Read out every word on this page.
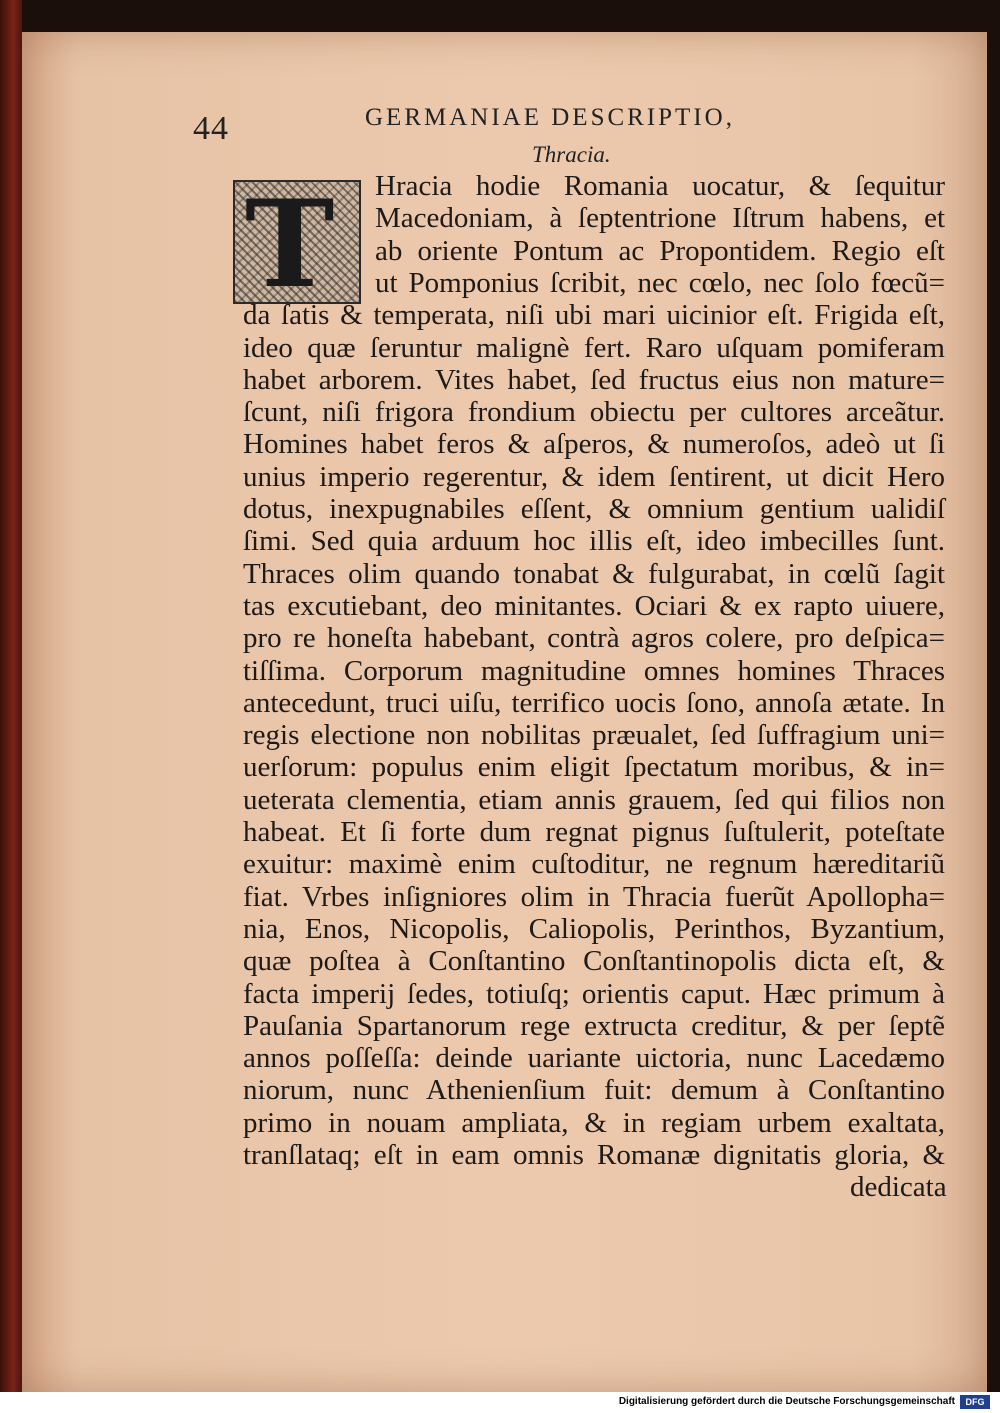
44	GERMANIAE DESCRIPTIO,
Thracia.
T Hracia hodie Romania uocatur, & ſequitur
Macedoniam, à ſeptentrione Iſtrum habens, et
ab oriente Pontum ac Propontidem. Regio eſt
ut Pomponius ſcribit, nec cœlo, nec ſolo fœcũ=
da ſatis & temperata, niſi ubi mari uicinior eſt. Frigida eſt,
ideo quæ ſeruntur malignè fert. Raro uſquam pomiferam
habet arborem. Vites habet, ſed fructus eius non mature=
ſcunt, niſi frigora frondium obiectu per cultores arceãtur.
Homines habet feros & aſperos, & numeroſos, adeò ut ſi
unius imperio regerentur, & idem ſentirent, ut dicit Hero
dotus, inexpugnabiles eſſent, & omnium gentium ualidiſ
ſimi. Sed quia arduum hoc illis eſt, ideo imbecilles ſunt.
Thraces olim quando tonabat & fulgurabat, in cœlũ ſagit
tas excutiebant, deo minitantes. Ociari & ex rapto uiuere,
pro re honeſta habebant, contrà agros colere, pro deſpica=
tiſſima. Corporum magnitudine omnes homines Thraces
antecedunt, truci uiſu, terrifico uocis ſono, annoſa ætate. In
regis electione non nobilitas præualet, ſed ſuffragium uni=
uerſorum: populus enim eligit ſpectatum moribus, & in=
ueterata clementia, etiam annis grauem, ſed qui filios non
habeat. Et ſi forte dum regnat pignus ſuſtulerit, poteſtate
exuitur: maximè enim cuſtoditur, ne regnum hæreditariũ
fiat. Vrbes inſigniores olim in Thracia fuerũt Apollopha=
nia, Enos, Nicopolis, Caliopolis, Perinthos, Byzantium,
quæ poſtea à Conſtantino Conſtantinopolis dicta eſt, &
facta imperij ſedes, totiuſq; orientis caput. Hæc primum à
Pauſania Spartanorum rege extructa creditur, & per ſeptẽ
annos poſſeſſa: deinde uariante uictoria, nunc Lacedæmo
niorum, nunc Athenienſium fuit: demum à Conſtantino
primo in nouam ampliata, & in regiam urbem exaltata,
tranſlataq; eſt in eam omnis Romanæ dignitatis gloria, &
dedicata
Digitalisierung gefördert durch die Deutsche Forschungsgemeinschaft	DFG
